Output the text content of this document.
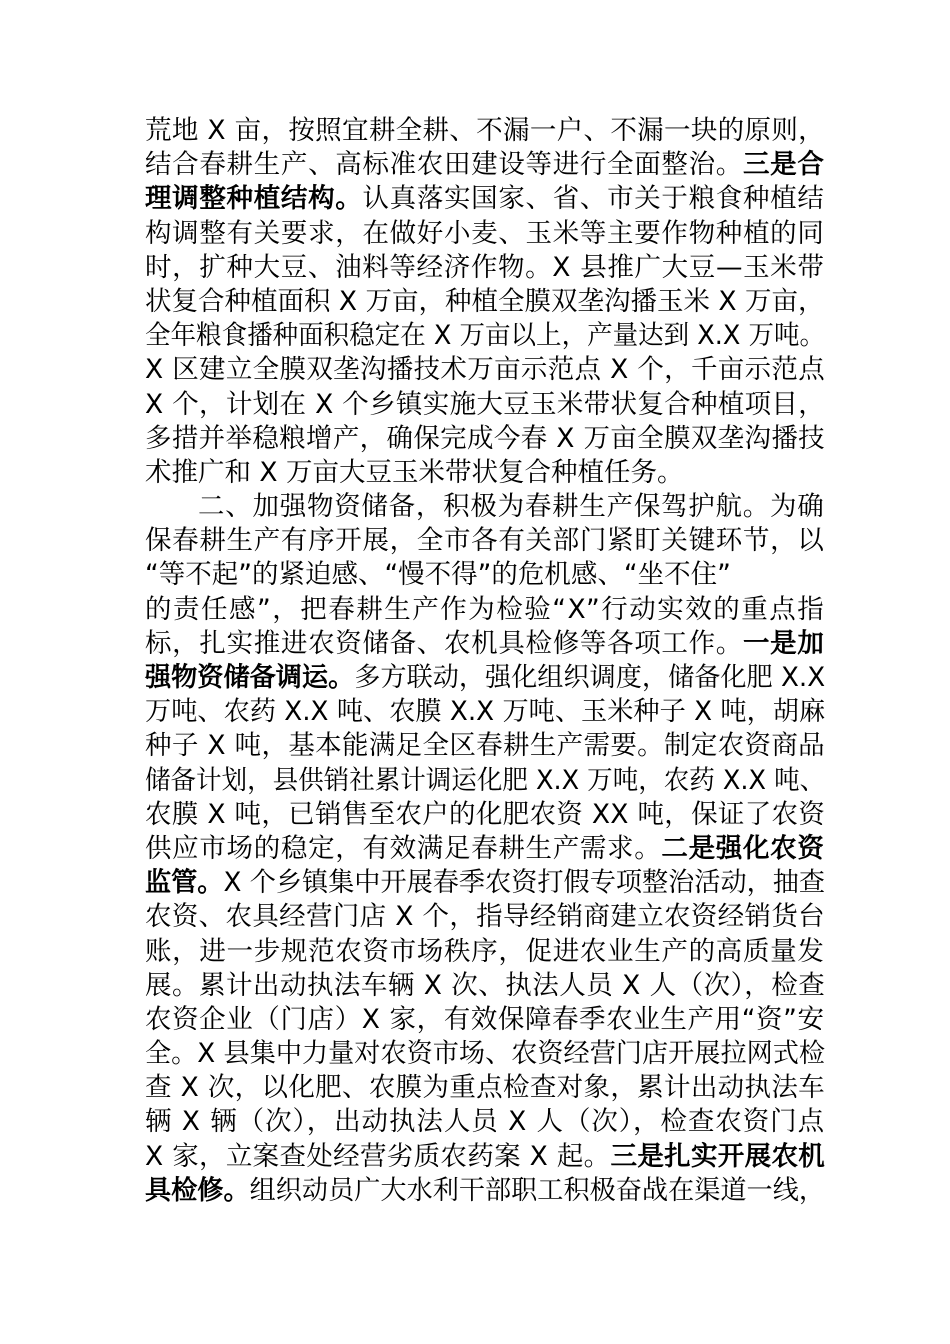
荒地 X 亩，按照宜耕全耕、不漏一户、不漏一块的原则，
结合春耕生产、高标准农田建设等进行全面整治。三是合
理调整种植结构。认真落实国家、省、市关于粮食种植结
构调整有关要求，在做好小麦、玉米等主要作物种植的同
时，扩种大豆、油料等经济作物。X 县推广大豆—玉米带
状复合种植面积 X 万亩，种植全膜双垄沟播玉米 X 万亩，
全年粮食播种面积稳定在 X 万亩以上，产量达到 X.X 万吨。
X 区建立全膜双垄沟播技术万亩示范点 X 个，千亩示范点
X 个，计划在 X 个乡镇实施大豆玉米带状复合种植项目，
多措并举稳粮增产，确保完成今春 X 万亩全膜双垄沟播技
术推广和 X 万亩大豆玉米带状复合种植任务。
二、加强物资储备，积极为春耕生产保驾护航。为确
保春耕生产有序开展，全市各有关部门紧盯关键环节，以
“等不起”的紧迫感、“慢不得”的危机感、“坐不住”
的责任感”，把春耕生产作为检验“X”行动实效的重点指
标，扎实推进农资储备、农机具检修等各项工作。一是加
强物资储备调运。多方联动，强化组织调度，储备化肥 X.X
万吨、农药 X.X 吨、农膜 X.X 万吨、玉米种子 X 吨，胡麻
种子 X 吨，基本能满足全区春耕生产需要。制定农资商品
储备计划，县供销社累计调运化肥 X.X 万吨，农药 X.X 吨、
农膜 X 吨，已销售至农户的化肥农资 XX 吨，保证了农资
供应市场的稳定，有效满足春耕生产需求。二是强化农资
监管。X 个乡镇集中开展春季农资打假专项整治活动，抽查
农资、农具经营门店 X 个，指导经销商建立农资经销货台
账，进一步规范农资市场秩序，促进农业生产的高质量发
展。累计出动执法车辆 X 次、执法人员 X 人（次），检查
农资企业（门店）X 家，有效保障春季农业生产用“资”安
全。X 县集中力量对农资市场、农资经营门店开展拉网式检
查 X 次，以化肥、农膜为重点检查对象，累计出动执法车
辆 X 辆（次），出动执法人员 X 人（次），检查农资门点
X 家，立案查处经营劣质农药案 X 起。三是扎实开展农机
具检修。组织动员广大水利干部职工积极奋战在渠道一线，
